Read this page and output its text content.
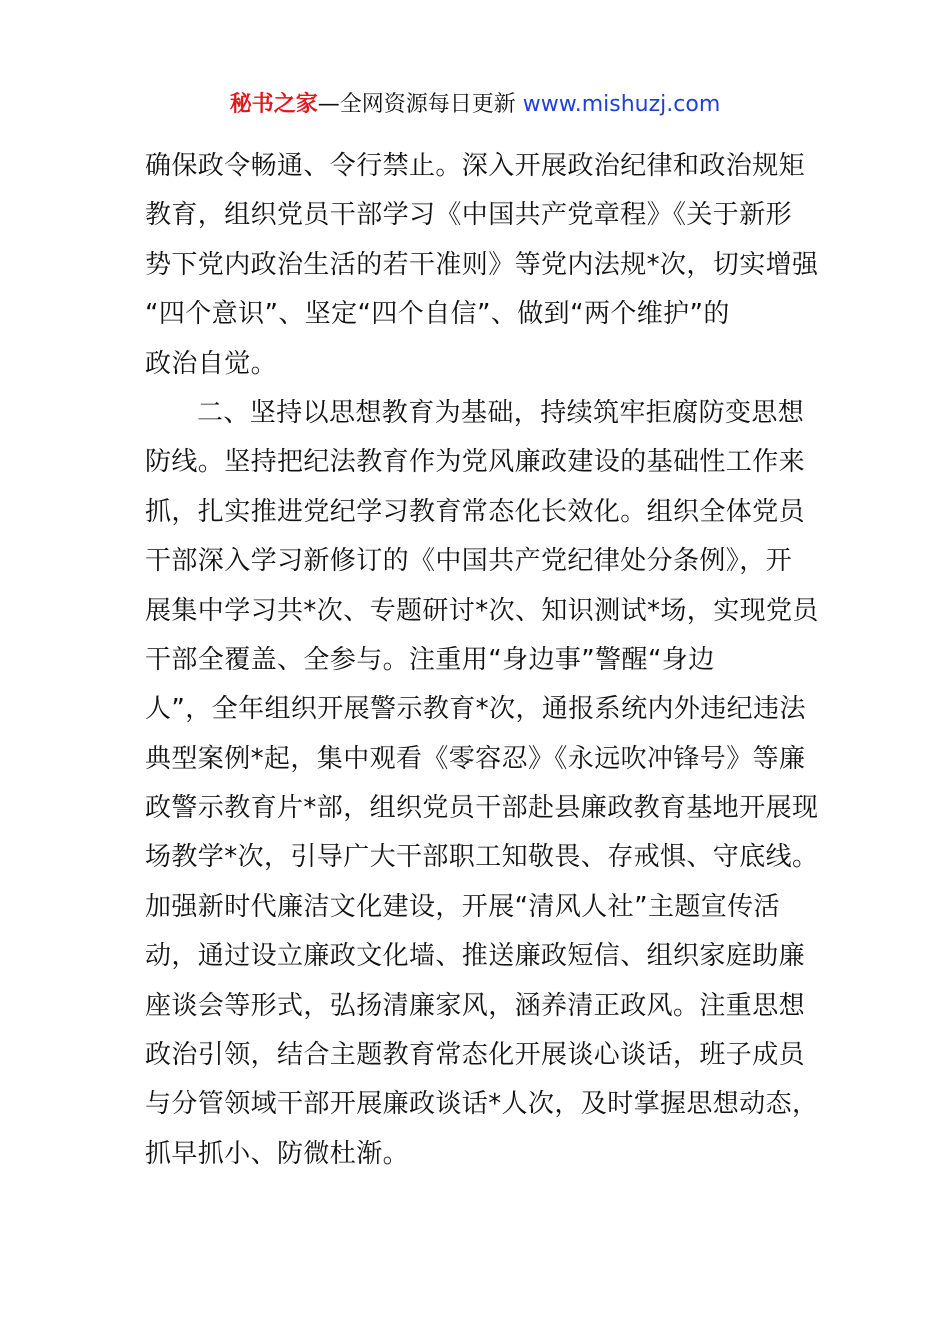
秘书之家—全网资源每日更新 www.mishuzj.com
确保政令畅通、令行禁止。深入开展政治纪律和政治规矩
教育，组织党员干部学习《中国共产党章程》《关于新形
势下党内政治生活的若干准则》等党内法规*次，切实增强
“四个意识”、坚定“四个自信”、做到“两个维护”的
政治自觉。
二、坚持以思想教育为基础，持续筑牢拒腐防变思想
防线。坚持把纪法教育作为党风廉政建设的基础性工作来
抓，扎实推进党纪学习教育常态化长效化。组织全体党员
干部深入学习新修订的《中国共产党纪律处分条例》，开
展集中学习共*次、专题研讨*次、知识测试*场，实现党员
干部全覆盖、全参与。注重用“身边事”警醒“身边
人”，全年组织开展警示教育*次，通报系统内外违纪违法
典型案例*起，集中观看《零容忍》《永远吹冲锋号》等廉
政警示教育片*部，组织党员干部赴县廉政教育基地开展现
场教学*次，引导广大干部职工知敬畏、存戒惧、守底线。
加强新时代廉洁文化建设，开展“清风人社”主题宣传活
动，通过设立廉政文化墙、推送廉政短信、组织家庭助廉
座谈会等形式，弘扬清廉家风，涵养清正政风。注重思想
政治引领，结合主题教育常态化开展谈心谈话，班子成员
与分管领域干部开展廉政谈话*人次，及时掌握思想动态，
抓早抓小、防微杜渐。
